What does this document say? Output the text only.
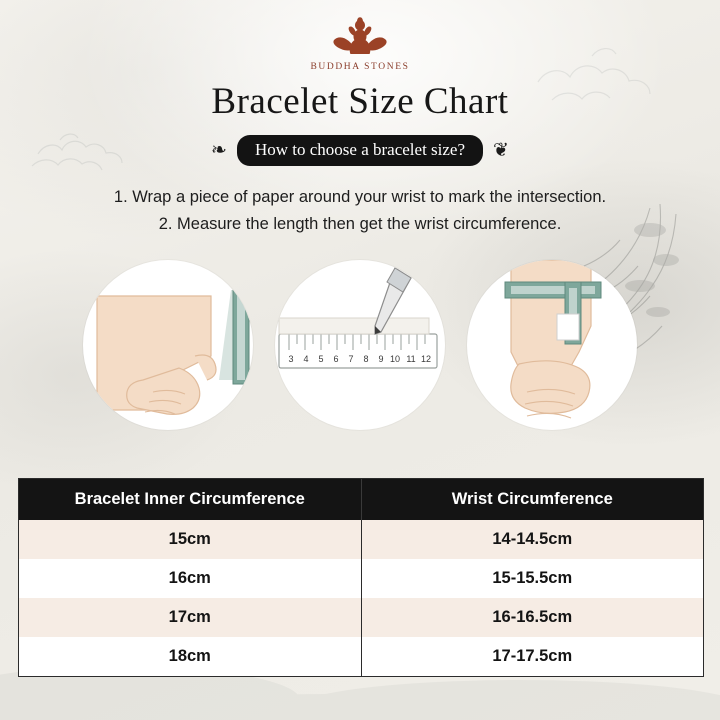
BUDDHA STONES
Bracelet Size Chart
❧	How to choose a bracelet size?	❦
1. Wrap a piece of paper around your wrist to mark the intersection.
2. Measure the length then get the wrist circumference.
3 4 5 6 7 8 9 10 11 12
Bracelet Inner Circumference	Wrist Circumference
15cm	14-14.5cm
16cm	15-15.5cm
17cm	16-16.5cm
18cm	17-17.5cm
